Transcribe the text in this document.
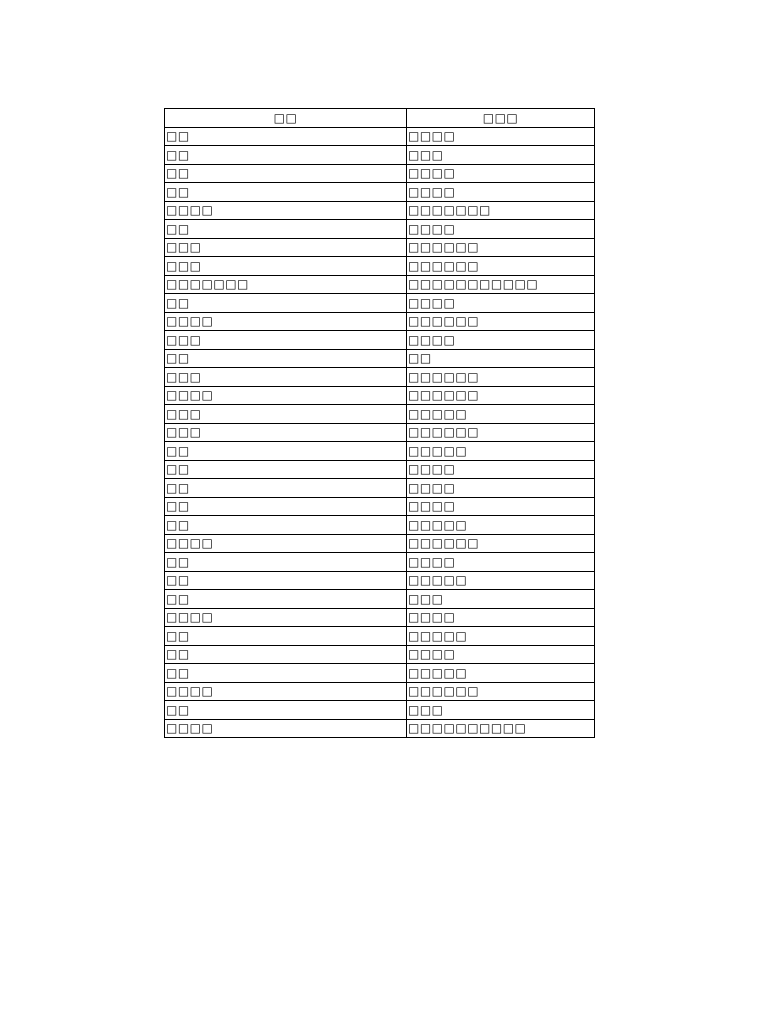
□□	□□□
□□	□□□□
□□	□□□
□□	□□□□
□□	□□□□
□□□□	□□□□□□□
□□	□□□□
□□□	□□□□□□
□□□	□□□□□□
□□□□□□□	□□□□□□□□□□□
□□	□□□□
□□□□	□□□□□□
□□□	□□□□
□□	□□
□□□	□□□□□□
□□□□	□□□□□□
□□□	□□□□□
□□□	□□□□□□
□□	□□□□□
□□	□□□□
□□	□□□□
□□	□□□□
□□	□□□□□
□□□□	□□□□□□
□□	□□□□
□□	□□□□□
□□	□□□
□□□□	□□□□
□□	□□□□□
□□	□□□□
□□	□□□□□
□□□□	□□□□□□
□□	□□□
□□□□	□□□□□□□□□□
